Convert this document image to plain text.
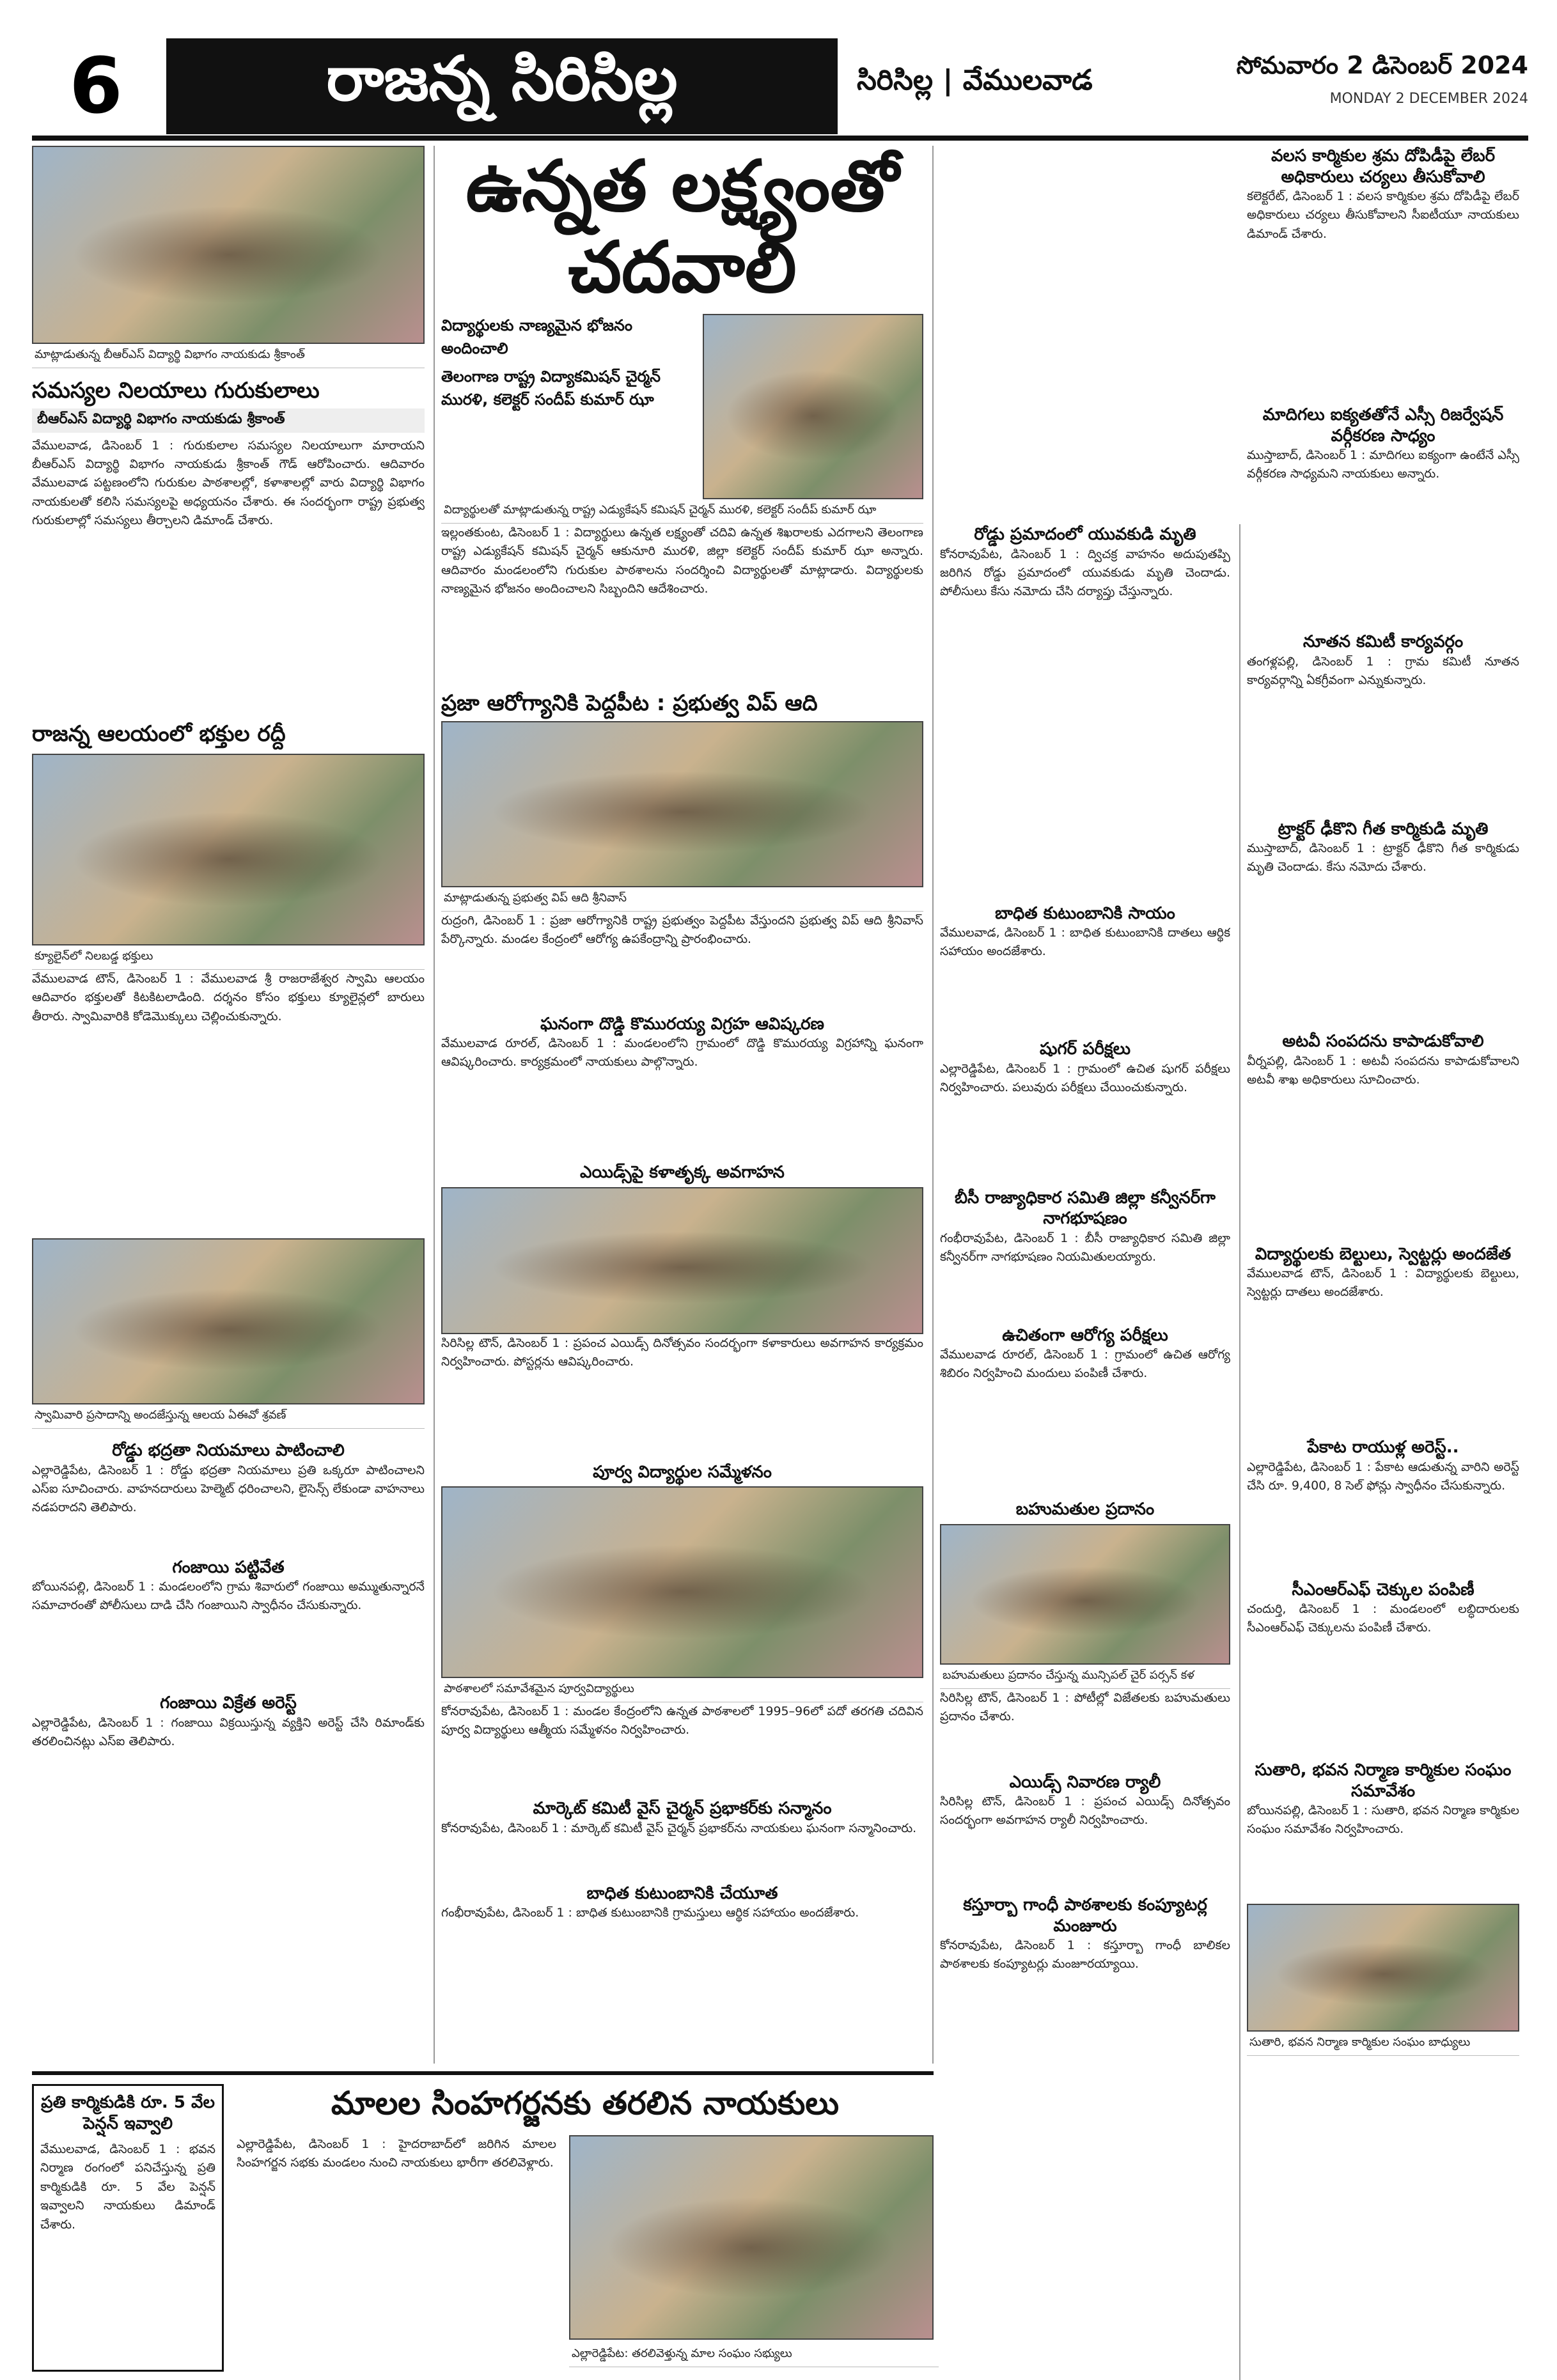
6	రాజన్న సిరిసిల్ల	సిరిసిల్ల | వేములవాడ	సోమవారం 2 డిసెంబర్ 2024
MONDAY 2 DECEMBER 2024
మాట్లాడుతున్న బీఆర్ఎస్ విద్యార్థి విభాగం నాయకుడు శ్రీకాంత్
సమస్యల నిలయాలు గురుకులాలు
బీఆర్ఎస్ విద్యార్థి విభాగం నాయకుడు శ్రీకాంత్
వేములవాడ, డిసెంబర్ 1 : గురుకులాల సమస్యల నిలయాలుగా మారాయని బీఆర్ఎస్ విద్యార్థి విభాగం నాయకుడు శ్రీకాంత్ గౌడ్ ఆరోపించారు. ఆదివారం వేములవాడ పట్టణంలోని గురుకుల పాఠశాలల్లో, కళాశాలల్లో వారు విద్యార్థి విభాగం నాయకులతో కలిసి సమస్యలపై అధ్యయనం చేశారు. ఈ సందర్భంగా రాష్ట్ర ప్రభుత్వ గురుకులాల్లో సమస్యలు తీర్చాలని డిమాండ్ చేశారు.
రాజన్న ఆలయంలో భక్తుల రద్దీ
క్యూలైన్‌లో నిలబడ్డ భక్తులు
వేములవాడ టౌన్, డిసెంబర్ 1 : వేములవాడ శ్రీ రాజరాజేశ్వర స్వామి ఆలయం ఆదివారం భక్తులతో కిటకిటలాడింది. దర్శనం కోసం భక్తులు క్యూలైన్లలో బారులు తీరారు. స్వామివారికి కోడెమొక్కులు చెల్లించుకున్నారు.
స్వామివారి ప్రసాదాన్ని అందజేస్తున్న ఆలయ ఏఈవో శ్రవణ్
రోడ్డు భద్రతా నియమాలు పాటించాలి
ఎల్లారెడ్డిపేట, డిసెంబర్ 1 : రోడ్డు భద్రతా నియమాలు ప్రతి ఒక్కరూ పాటించాలని ఎస్ఐ సూచించారు. వాహనదారులు హెల్మెట్ ధరించాలని, లైసెన్స్ లేకుండా వాహనాలు నడపరాదని తెలిపారు.
గంజాయి పట్టివేత
బోయినపల్లి, డిసెంబర్ 1 : మండలంలోని గ్రామ శివారులో గంజాయి అమ్ముతున్నారనే సమాచారంతో పోలీసులు దాడి చేసి గంజాయిని స్వాధీనం చేసుకున్నారు.
గంజాయి విక్రేత అరెస్ట్
ఎల్లారెడ్డిపేట, డిసెంబర్ 1 : గంజాయి విక్రయిస్తున్న వ్యక్తిని అరెస్ట్ చేసి రిమాండ్‌కు తరలించినట్లు ఎస్ఐ తెలిపారు.
ఉన్నత లక్ష్యంతో చదవాలి
విద్యార్థులకు నాణ్యమైన భోజనం అందించాలి
తెలంగాణ రాష్ట్ర విద్యాకమిషన్ చైర్మన్ మురళి, కలెక్టర్ సందీప్ కుమార్ ఝా
విద్యార్థులతో మాట్లాడుతున్న రాష్ట్ర ఎడ్యుకేషన్ కమిషన్ చైర్మన్ మురళి, కలెక్టర్ సందీప్ కుమార్ ఝా
ఇల్లంతకుంట, డిసెంబర్ 1 : విద్యార్థులు ఉన్నత లక్ష్యంతో చదివి ఉన్నత శిఖరాలకు ఎదగాలని తెలంగాణ రాష్ట్ర ఎడ్యుకేషన్ కమిషన్ చైర్మన్ ఆకునూరి మురళి, జిల్లా కలెక్టర్ సందీప్ కుమార్ ఝా అన్నారు. ఆదివారం మండలంలోని గురుకుల పాఠశాలను సందర్శించి విద్యార్థులతో మాట్లాడారు. విద్యార్థులకు నాణ్యమైన భోజనం అందించాలని సిబ్బందిని ఆదేశించారు.
ప్రజా ఆరోగ్యానికి పెద్దపీట : ప్రభుత్వ విప్ ఆది
మాట్లాడుతున్న ప్రభుత్వ విప్ ఆది శ్రీనివాస్
రుద్రంగి, డిసెంబర్ 1 : ప్రజా ఆరోగ్యానికి రాష్ట్ర ప్రభుత్వం పెద్దపీట వేస్తుందని ప్రభుత్వ విప్ ఆది శ్రీనివాస్ పేర్కొన్నారు. మండల కేంద్రంలో ఆరోగ్య ఉపకేంద్రాన్ని ప్రారంభించారు.
ఘనంగా దొడ్డి కొమురయ్య విగ్రహ ఆవిష్కరణ
వేములవాడ రూరల్, డిసెంబర్ 1 : మండలంలోని గ్రామంలో దొడ్డి కొమురయ్య విగ్రహాన్ని ఘనంగా ఆవిష్కరించారు. కార్యక్రమంలో నాయకులు పాల్గొన్నారు.
ఎయిడ్స్‌పై కళాతృక్క అవగాహన
సిరిసిల్ల టౌన్, డిసెంబర్ 1 : ప్రపంచ ఎయిడ్స్ దినోత్సవం సందర్భంగా కళాకారులు అవగాహన కార్యక్రమం నిర్వహించారు. పోస్టర్లను ఆవిష్కరించారు.
పూర్వ విద్యార్థుల సమ్మేళనం
పాఠశాలలో సమావేశమైన పూర్వవిద్యార్థులు
కోనరావుపేట, డిసెంబర్ 1 : మండల కేంద్రంలోని ఉన్నత పాఠశాలలో 1995–96లో పదో తరగతి చదివిన పూర్వ విద్యార్థులు ఆత్మీయ సమ్మేళనం నిర్వహించారు.
మార్కెట్ కమిటీ వైస్ చైర్మన్ ప్రభాకర్‌కు సన్మానం
కోనరావుపేట, డిసెంబర్ 1 : మార్కెట్ కమిటీ వైస్ చైర్మన్ ప్రభాకర్‌ను నాయకులు ఘనంగా సన్మానించారు.
బాధిత కుటుంబానికి చేయూత
గంభీరావుపేట, డిసెంబర్ 1 : బాధిత కుటుంబానికి గ్రామస్తులు ఆర్థిక సహాయం అందజేశారు.
రోడ్డు ప్రమాదంలో యువకుడి మృతి
కోనరావుపేట, డిసెంబర్ 1 : ద్విచక్ర వాహనం అదుపుతప్పి జరిగిన రోడ్డు ప్రమాదంలో యువకుడు మృతి చెందాడు. పోలీసులు కేసు నమోదు చేసి దర్యాప్తు చేస్తున్నారు.
బాధిత కుటుంబానికి సాయం
వేములవాడ, డిసెంబర్ 1 : బాధిత కుటుంబానికి దాతలు ఆర్థిక సహాయం అందజేశారు.
షుగర్ పరీక్షలు
ఎల్లారెడ్డిపేట, డిసెంబర్ 1 : గ్రామంలో ఉచిత షుగర్ పరీక్షలు నిర్వహించారు. పలువురు పరీక్షలు చేయించుకున్నారు.
బీసీ రాజ్యాధికార సమితి జిల్లా కన్వీనర్‌గా నాగభూషణం
గంభీరావుపేట, డిసెంబర్ 1 : బీసీ రాజ్యాధికార సమితి జిల్లా కన్వీనర్‌గా నాగభూషణం నియమితులయ్యారు.
ఉచితంగా ఆరోగ్య పరీక్షలు
వేములవాడ రూరల్, డిసెంబర్ 1 : గ్రామంలో ఉచిత ఆరోగ్య శిబిరం నిర్వహించి మందులు పంపిణీ చేశారు.
బహుమతుల ప్రదానం
బహుమతులు ప్రదానం చేస్తున్న మున్సిపల్ చైర్ పర్సన్ కళ
సిరిసిల్ల టౌన్, డిసెంబర్ 1 : పోటీల్లో విజేతలకు బహుమతులు ప్రదానం చేశారు.
ఎయిడ్స్ నివారణ ర్యాలీ
సిరిసిల్ల టౌన్, డిసెంబర్ 1 : ప్రపంచ ఎయిడ్స్ దినోత్సవం సందర్భంగా అవగాహన ర్యాలీ నిర్వహించారు.
కస్తూర్బా గాంధీ పాఠశాలకు కంప్యూటర్ల మంజూరు
కోనరావుపేట, డిసెంబర్ 1 : కస్తూర్బా గాంధీ బాలికల పాఠశాలకు కంప్యూటర్లు మంజూరయ్యాయి.
వలస కార్మికుల శ్రమ దోపిడీపై లేబర్ అధికారులు చర్యలు తీసుకోవాలి
కలెక్టరేట్, డిసెంబర్ 1 : వలస కార్మికుల శ్రమ దోపిడీపై లేబర్ అధికారులు చర్యలు తీసుకోవాలని సీఐటీయూ నాయకులు డిమాండ్ చేశారు.
మాదిగలు ఐక్యతతోనే ఎస్సీ రిజర్వేషన్ వర్గీకరణ సాధ్యం
ముస్తాబాద్, డిసెంబర్ 1 : మాదిగలు ఐక్యంగా ఉంటేనే ఎస్సీ వర్గీకరణ సాధ్యమని నాయకులు అన్నారు.
నూతన కమిటీ కార్యవర్గం
తంగళ్లపల్లి, డిసెంబర్ 1 : గ్రామ కమిటీ నూతన కార్యవర్గాన్ని ఏకగ్రీవంగా ఎన్నుకున్నారు.
ట్రాక్టర్ ఢీకొని గీత కార్మికుడి మృతి
ముస్తాబాద్, డిసెంబర్ 1 : ట్రాక్టర్ ఢీకొని గీత కార్మికుడు మృతి చెందాడు. కేసు నమోదు చేశారు.
అటవీ సంపదను కాపాడుకోవాలి
వీర్నపల్లి, డిసెంబర్ 1 : అటవీ సంపదను కాపాడుకోవాలని అటవీ శాఖ అధికారులు సూచించారు.
విద్యార్థులకు బెల్టులు, స్వెట్టర్లు అందజేత
వేములవాడ టౌన్, డిసెంబర్ 1 : విద్యార్థులకు బెల్టులు, స్వెట్టర్లు దాతలు అందజేశారు.
పేకాట రాయుళ్ల అరెస్ట్..
ఎల్లారెడ్డిపేట, డిసెంబర్ 1 : పేకాట ఆడుతున్న వారిని అరెస్ట్ చేసి రూ. 9,400, 8 సెల్ ఫోన్లు స్వాధీనం చేసుకున్నారు.
సీఎంఆర్ఎఫ్ చెక్కుల పంపిణీ
చందుర్తి, డిసెంబర్ 1 : మండలంలో లబ్ధిదారులకు సీఎంఆర్ఎఫ్ చెక్కులను పంపిణీ చేశారు.
సుతారి, భవన నిర్మాణ కార్మికుల సంఘం సమావేశం
బోయినపల్లి, డిసెంబర్ 1 : సుతారి, భవన నిర్మాణ కార్మికుల సంఘం సమావేశం నిర్వహించారు.
సుతారి, భవన నిర్మాణ కార్మికుల సంఘం బాధ్యులు
ప్రతి కార్మికుడికి రూ. 5 వేల పెన్షన్ ఇవ్వాలి
వేములవాడ, డిసెంబర్ 1 : భవన నిర్మాణ రంగంలో పనిచేస్తున్న ప్రతి కార్మికుడికి రూ. 5 వేల పెన్షన్ ఇవ్వాలని నాయకులు డిమాండ్ చేశారు.
మాలల సింహగర్జనకు తరలిన నాయకులు
ఎల్లారెడ్డిపేట, డిసెంబర్ 1 : హైదరాబాద్‌లో జరిగిన మాలల సింహగర్జన సభకు మండలం నుంచి నాయకులు భారీగా తరలివెళ్లారు.
ఎల్లారెడ్డిపేట: తరలివెళ్తున్న మాల సంఘం సభ్యులు
